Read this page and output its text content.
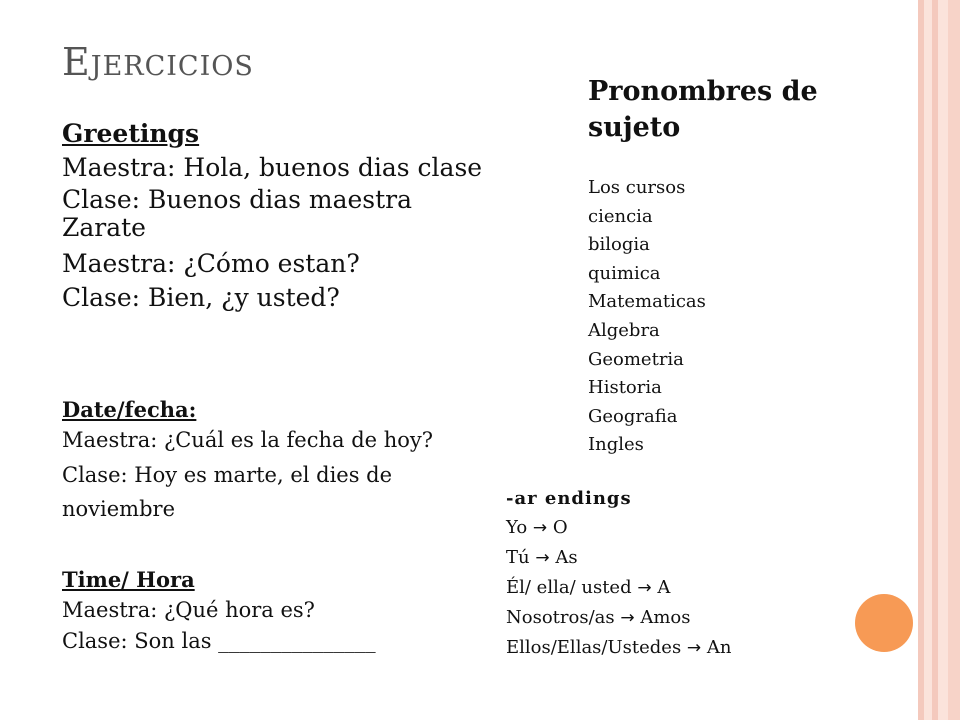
Ejercicios
Pronombres de sujeto
Los cursos
ciencia
bilogia
quimica
Matematicas
Algebra
Geometria
Historia
Geografia
Ingles
Greetings
Maestra: Hola, buenos dias clase
Clase: Buenos dias maestra
Zarate
Maestra: ¿Cómo estan?
Clase: Bien, ¿y usted?
Date/fecha:
Maestra: ¿Cuál es la fecha de hoy?
Clase: Hoy es marte, el dies de
noviembre
Time/ Hora
Maestra: ¿Qué hora es?
Clase: Son las _______________
-ar endings
Yo → O
Tú → As
Él/ ella/ usted → A
Nosotros/as → Amos
Ellos/Ellas/Ustedes → An
